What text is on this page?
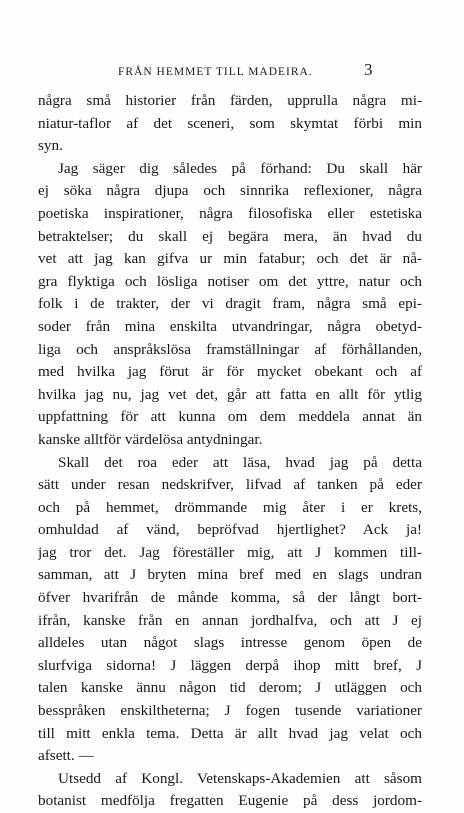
FRÅN HEMMET TILL MADEIRA.	3
några små historier från färden, upprulla några mi-
niatur-taflor af det sceneri, som skymtat förbi min
syn.
Jag säger dig således på förhand: Du skall här
ej söka några djupa och sinnrika reflexioner, några
poetiska inspirationer, några filosofiska eller estetiska
betraktelser; du skall ej begära mera, än hvad du
vet att jag kan gifva ur min fatabur; och det är nå-
gra flyktiga och lösliga notiser om det yttre, natur och
folk i de trakter, der vi dragit fram, några små epi-
soder från mina enskilta utvandringar, några obetyd-
liga och anspråkslösa framställningar af förhållanden,
med hvilka jag förut är för mycket obekant och af
hvilka jag nu, jag vet det, går att fatta en allt för ytlig
uppfattning för att kunna om dem meddela annat än
kanske alltför värdelösa antydningar.
Skall det roa eder att läsa, hvad jag på detta
sätt under resan nedskrifver, lifvad af tanken på eder
och på hemmet, drömmande mig åter i er krets,
omhuldad af vänd, bepröfvad hjertlighet? Ack ja!
jag tror det. Jag föreställer mig, att J kommen till-
samman, att J bryten mina bref med en slags undran
öfver hvarifrån de månde komma, så der långt bort-
ifrån, kanske från en annan jordhalfva, och att J ej
alldeles utan något slags intresse genom öpen de
slurfviga sidorna! J läggen derpå ihop mitt bref, J
talen kanske ännu någon tid derom; J utläggen och
besspråken enskiltheterna; J fogen tusende variationer
till mitt enkla tema. Detta är allt hvad jag velat och
afsett. —
Utsedd af Kongl. Vetenskaps-Akademien att såsom
botanist medfölja fregatten Eugenie på dess jordom-
